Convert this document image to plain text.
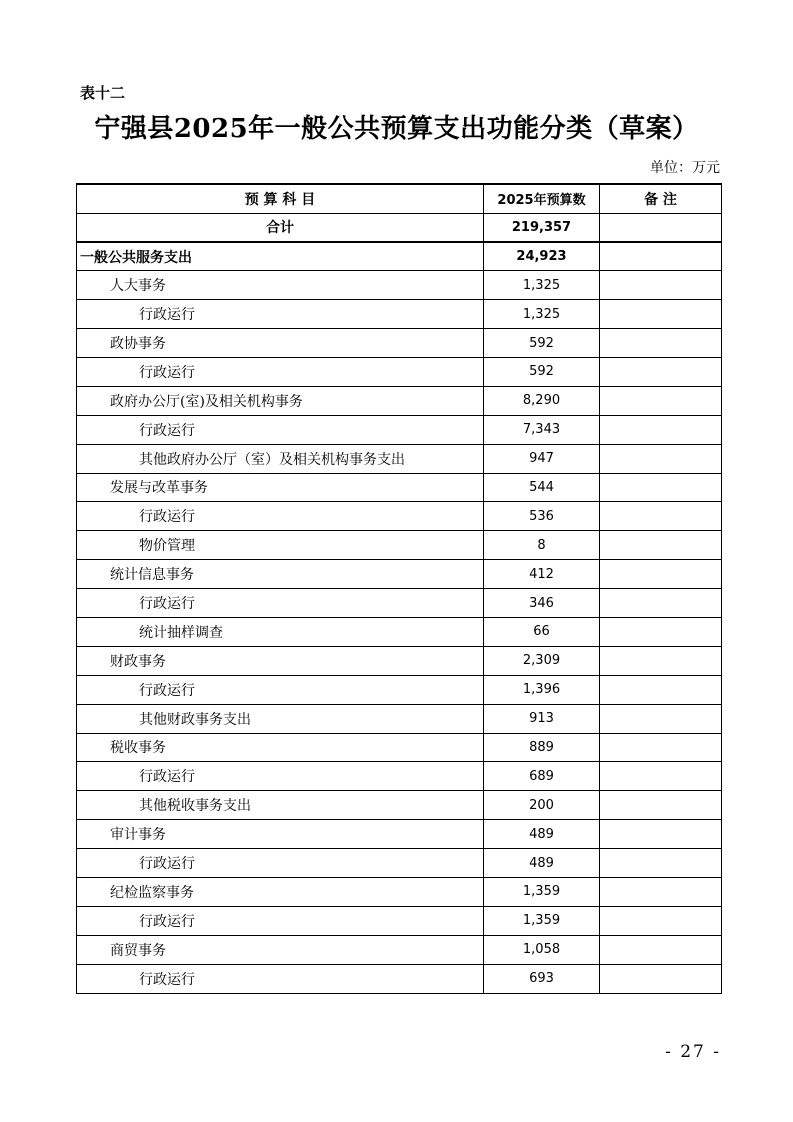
表十二
宁强县2025年一般公共预算支出功能分类（草案）
单位：万元
预 算 科 目	2025年预算数	备 注
合计	219,357	
一般公共服务支出	24,923	
人大事务	1,325	
行政运行	1,325	
政协事务	592	
行政运行	592	
政府办公厅(室)及相关机构事务	8,290	
行政运行	7,343	
其他政府办公厅（室）及相关机构事务支出	947	
发展与改革事务	544	
行政运行	536	
物价管理	8	
统计信息事务	412	
行政运行	346	
统计抽样调查	66	
财政事务	2,309	
行政运行	1,396	
其他财政事务支出	913	
税收事务	889	
行政运行	689	
其他税收事务支出	200	
审计事务	489	
行政运行	489	
纪检监察事务	1,359	
行政运行	1,359	
商贸事务	1,058	
行政运行	693	
- 27 -
